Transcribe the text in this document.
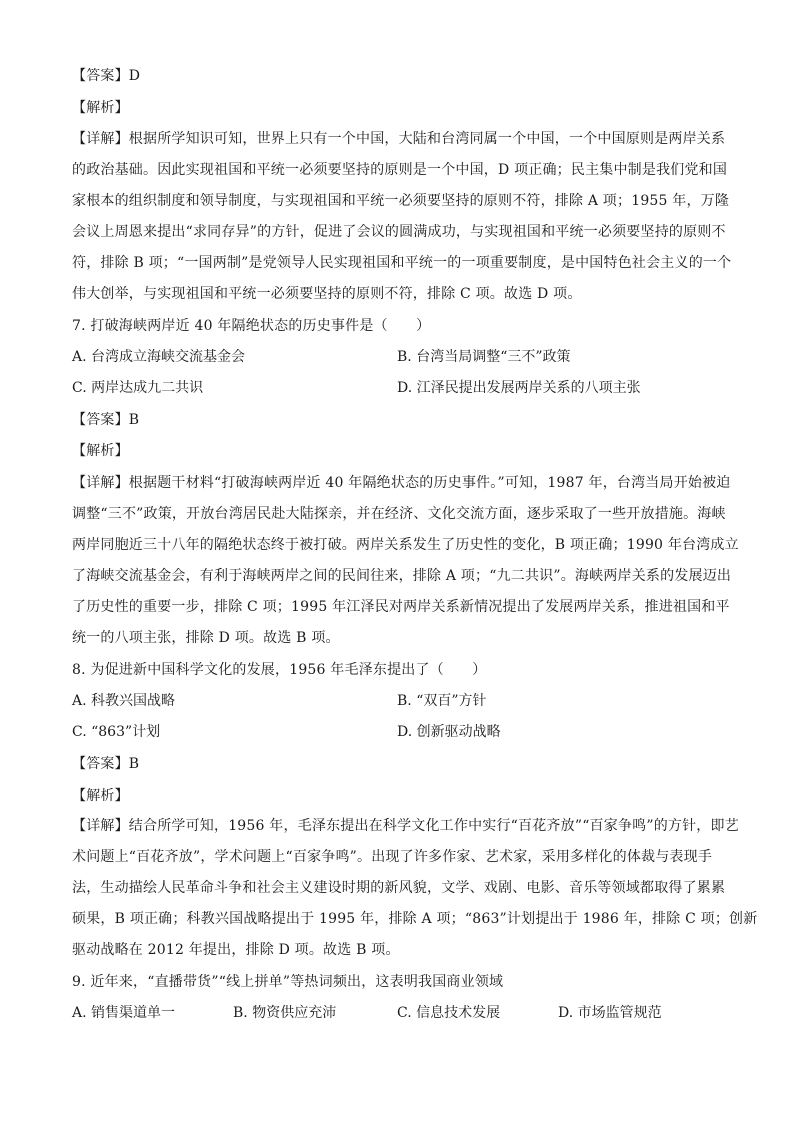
【答案】D
【解析】
【详解】根据所学知识可知，世界上只有一个中国，大陆和台湾同属一个中国，一个中国原则是两岸关系
的政治基础。因此实现祖国和平统一必须要坚持的原则是一个中国，D 项正确；民主集中制是我们党和国
家根本的组织制度和领导制度，与实现祖国和平统一必须要坚持的原则不符，排除 A 项；1955 年，万隆
会议上周恩来提出“求同存异”的方针，促进了会议的圆满成功，与实现祖国和平统一必须要坚持的原则不
符，排除 B 项；“一国两制”是党领导人民实现祖国和平统一的一项重要制度，是中国特色社会主义的一个
伟大创举，与实现祖国和平统一必须要坚持的原则不符，排除 C 项。故选 D 项。
7. 打破海峡两岸近 40 年隔绝状态的历史事件是（　　）
A. 台湾成立海峡交流基金会	B. 台湾当局调整“三不”政策
C. 两岸达成九二共识	D. 江泽民提出发展两岸关系的八项主张
【答案】B
【解析】
【详解】根据题干材料“打破海峡两岸近 40 年隔绝状态的历史事件。”可知，1987 年，台湾当局开始被迫
调整“三不”政策，开放台湾居民赴大陆探亲，并在经济、文化交流方面，逐步采取了一些开放措施。海峡
两岸同胞近三十八年的隔绝状态终于被打破。两岸关系发生了历史性的变化，B 项正确；1990 年台湾成立
了海峡交流基金会，有利于海峡两岸之间的民间往来，排除 A 项；“九二共识”。海峡两岸关系的发展迈出
了历史性的重要一步，排除 C 项；1995 年江泽民对两岸关系新情况提出了发展两岸关系，推进祖国和平
统一的八项主张，排除 D 项。故选 B 项。
8. 为促进新中国科学文化的发展，1956 年毛泽东提出了（　　）
A. 科教兴国战略	B. “双百”方针
C. “863”计划	D. 创新驱动战略
【答案】B
【解析】
【详解】结合所学可知，1956 年，毛泽东提出在科学文化工作中实行“百花齐放”“百家争鸣”的方针，即艺
术问题上“百花齐放”，学术问题上“百家争鸣”。出现了许多作家、艺术家，采用多样化的体裁与表现手
法，生动描绘人民革命斗争和社会主义建设时期的新风貌，文学、戏剧、电影、音乐等领域都取得了累累
硕果，B 项正确；科教兴国战略提出于 1995 年，排除 A 项；“863”计划提出于 1986 年，排除 C 项；创新
驱动战略在 2012 年提出，排除 D 项。故选 B 项。
9. 近年来，“直播带货”“线上拼单”等热词频出，这表明我国商业领域
A. 销售渠道单一	B. 物资供应充沛	C. 信息技术发展	D. 市场监管规范
